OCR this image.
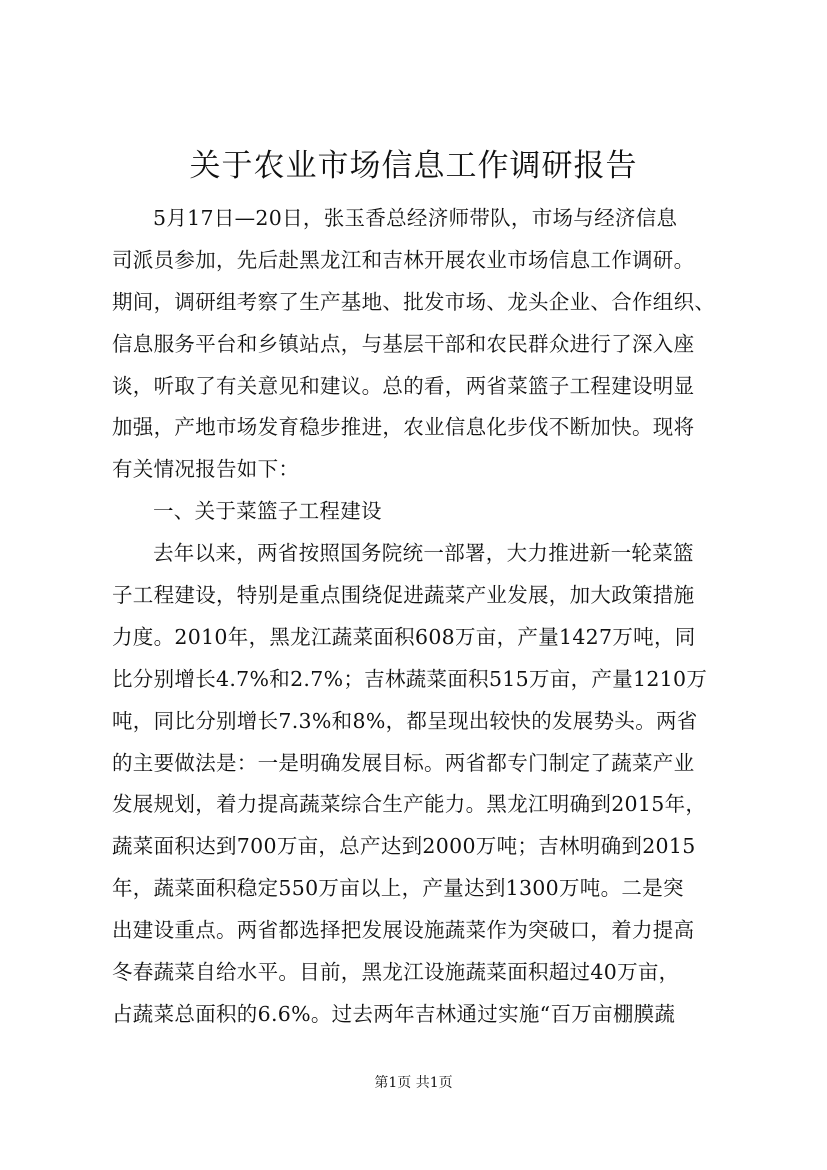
关于农业市场信息工作调研报告
5月17日—20日，张玉香总经济师带队，市场与经济信息
司派员参加，先后赴黑龙江和吉林开展农业市场信息工作调研。
期间，调研组考察了生产基地、批发市场、龙头企业、合作组织、
信息服务平台和乡镇站点，与基层干部和农民群众进行了深入座
谈，听取了有关意见和建议。总的看，两省菜篮子工程建设明显
加强，产地市场发育稳步推进，农业信息化步伐不断加快。现将
有关情况报告如下：
一、关于菜篮子工程建设
去年以来，两省按照国务院统一部署，大力推进新一轮菜篮
子工程建设，特别是重点围绕促进蔬菜产业发展，加大政策措施
力度。2010年，黑龙江蔬菜面积608万亩，产量1427万吨，同
比分别增长4.7%和2.7%；吉林蔬菜面积515万亩，产量1210万
吨，同比分别增长7.3%和8%，都呈现出较快的发展势头。两省
的主要做法是：一是明确发展目标。两省都专门制定了蔬菜产业
发展规划，着力提高蔬菜综合生产能力。黑龙江明确到2015年，
蔬菜面积达到700万亩，总产达到2000万吨；吉林明确到2015
年，蔬菜面积稳定550万亩以上，产量达到1300万吨。二是突
出建设重点。两省都选择把发展设施蔬菜作为突破口，着力提高
冬春蔬菜自给水平。目前，黑龙江设施蔬菜面积超过40万亩，
占蔬菜总面积的6.6%。过去两年吉林通过实施“百万亩棚膜蔬
第1页 共1页
